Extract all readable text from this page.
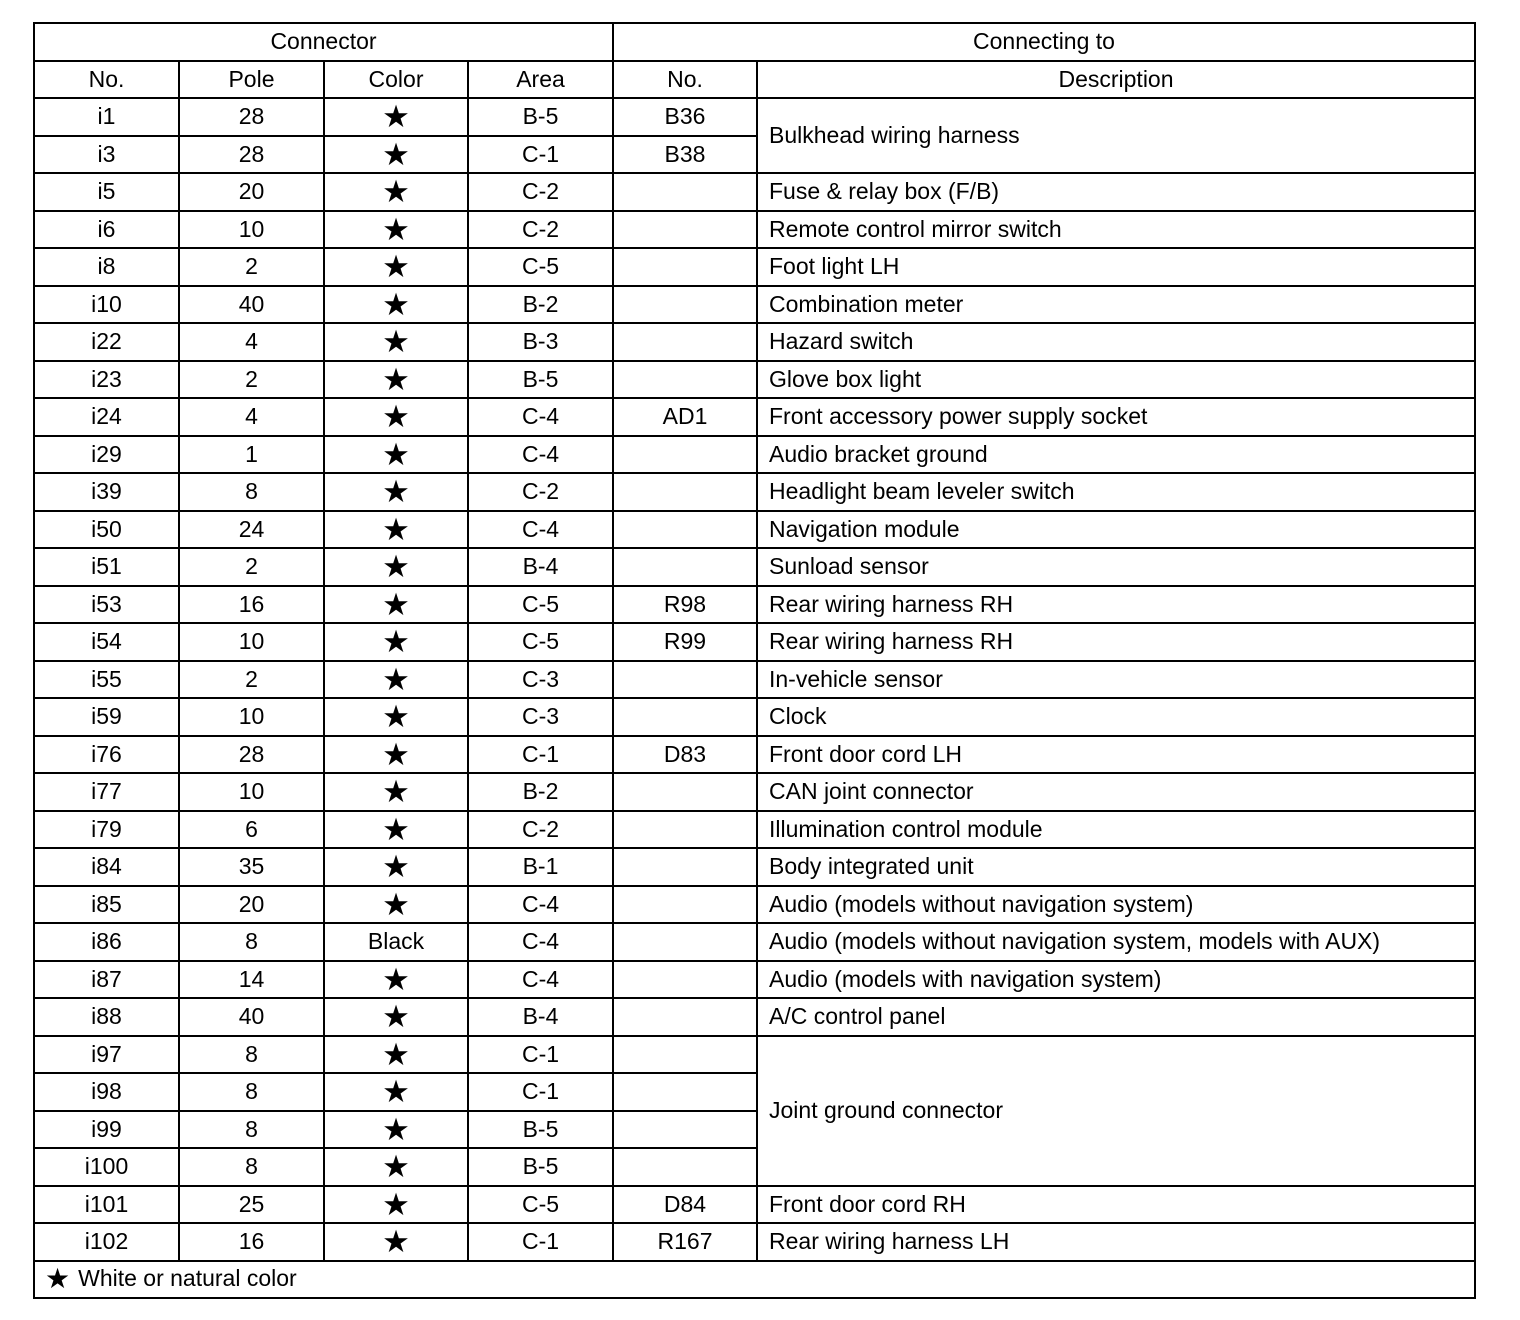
Connector				Connecting to	
No.	Pole	Color	Area	No.	Description
i1	28	★	B-5	B36	Bulkhead wiring harness
i3	28	★	C-1	B38	
i5	20	★	C-2		Fuse & relay box (F/B)
i6	10	★	C-2		Remote control mirror switch
i8	2	★	C-5		Foot light LH
i10	40	★	B-2		Combination meter
i22	4	★	B-3		Hazard switch
i23	2	★	B-5		Glove box light
i24	4	★	C-4	AD1	Front accessory power supply socket
i29	1	★	C-4		Audio bracket ground
i39	8	★	C-2		Headlight beam leveler switch
i50	24	★	C-4		Navigation module
i51	2	★	B-4		Sunload sensor
i53	16	★	C-5	R98	Rear wiring harness RH
i54	10	★	C-5	R99	Rear wiring harness RH
i55	2	★	C-3		In-vehicle sensor
i59	10	★	C-3		Clock
i76	28	★	C-1	D83	Front door cord LH
i77	10	★	B-2		CAN joint connector
i79	6	★	C-2		Illumination control module
i84	35	★	B-1		Body integrated unit
i85	20	★	C-4		Audio (models without navigation system)
i86	8	Black	C-4		Audio (models without navigation system, models with AUX)
i87	14	★	C-4		Audio (models with navigation system)
i88	40	★	B-4		A/C control panel
i97	8	★	C-1		Joint ground connector
i98	8	★	C-1		
i99	8	★	B-5		
i100	8	★	B-5		
i101	25	★	C-5	D84	Front door cord RH
i102	16	★	C-1	R167	Rear wiring harness LH
★ White or natural color					
